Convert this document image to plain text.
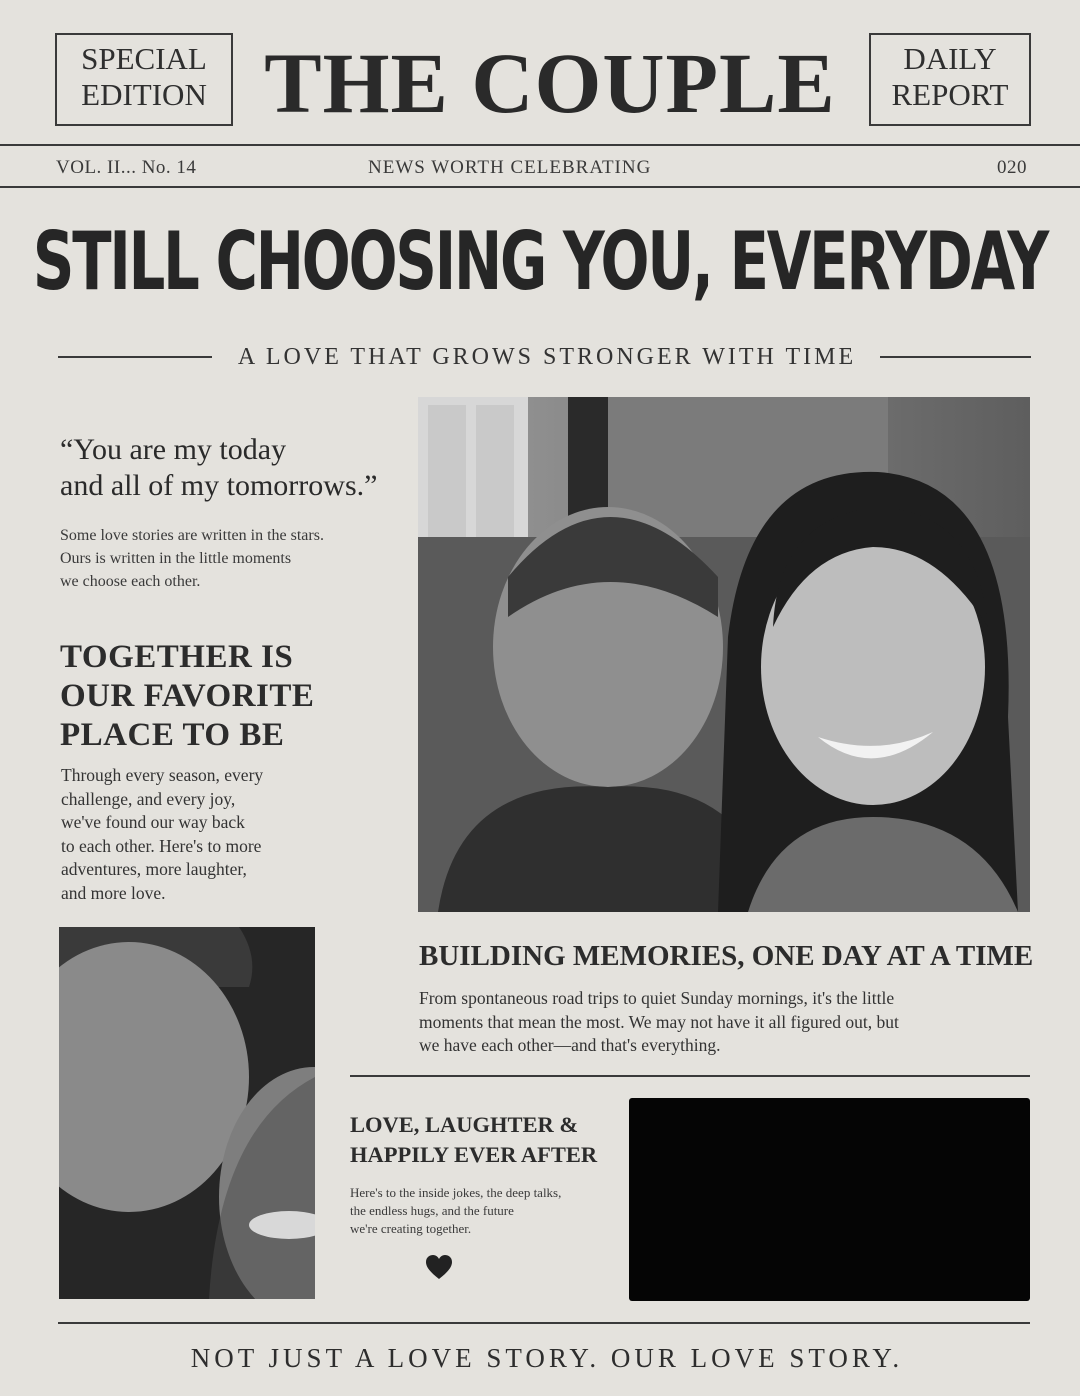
SPECIAL
EDITION THE COUPLE	DAILY
REPORT
VOL. II... No. 14	NEWS WORTH CELEBRATING	020
STILL CHOOSING YOU, EVERYDAY
A LOVE THAT GROWS STRONGER WITH TIME
“You are my today
and all of my tomorrows.”
Some love stories are written in the stars.
Ours is written in the little moments
we choose each other.
TOGETHER IS
OUR FAVORITE
PLACE TO BE
Through every season, every
challenge, and every joy,
we've found our way back
to each other. Here's to more
adventures, more laughter,
and more love.
BUILDING MEMORIES, ONE DAY AT A TIME
From spontaneous road trips to quiet Sunday mornings, it's the little
moments that mean the most. We may not have it all figured out, but
we have each other—and that's everything.
LOVE, LAUGHTER &
HAPPILY EVER AFTER
Here's to the inside jokes, the deep talks,
the endless hugs, and the future
we're creating together.
NOT JUST A LOVE STORY. OUR LOVE STORY.
